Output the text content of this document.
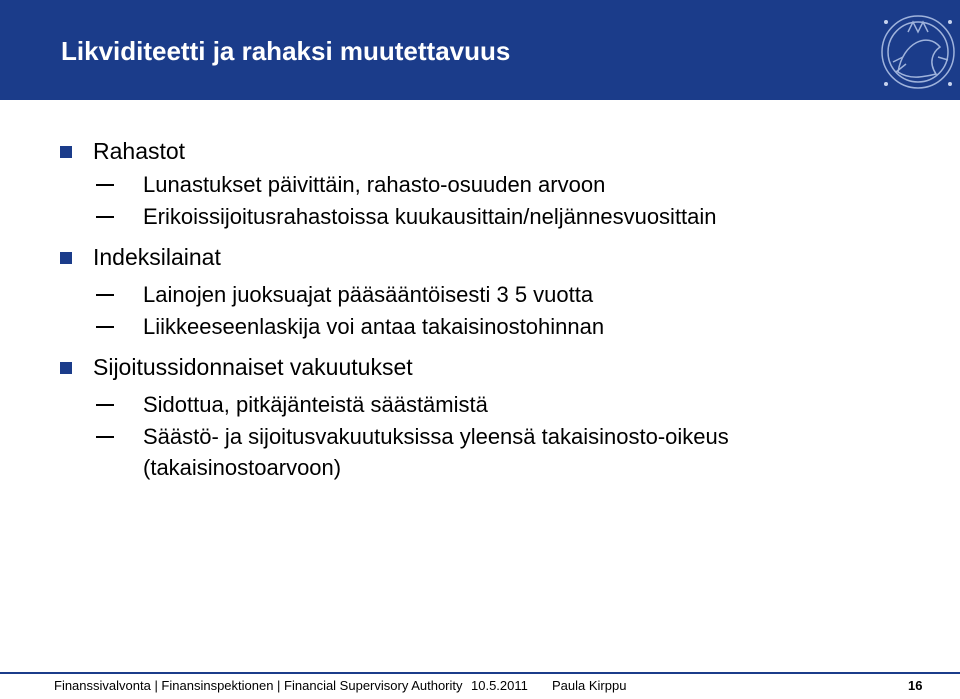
Likviditeetti ja rahaksi muutettavuus
Rahastot
Lunastukset päivittäin, rahasto-osuuden arvoon
Erikoissijoitusrahastoissa kuukausittain/neljännesvuosittain
Indeksilainat
Lainojen juoksuajat pääsääntöisesti 3 5 vuotta
Liikkeeseenlaskija voi antaa takaisinostohinnan
Sijoitussidonnaiset vakuutukset
Sidottua, pitkäjänteistä säästämistä
Säästö- ja sijoitusvakuutuksissa yleensä takaisinosto-oikeus
(takaisinostoarvoon)
Finanssivalvonta | Finansinspektionen | Financial Supervisory Authority 10.5.2011 Paula Kirppu	16
